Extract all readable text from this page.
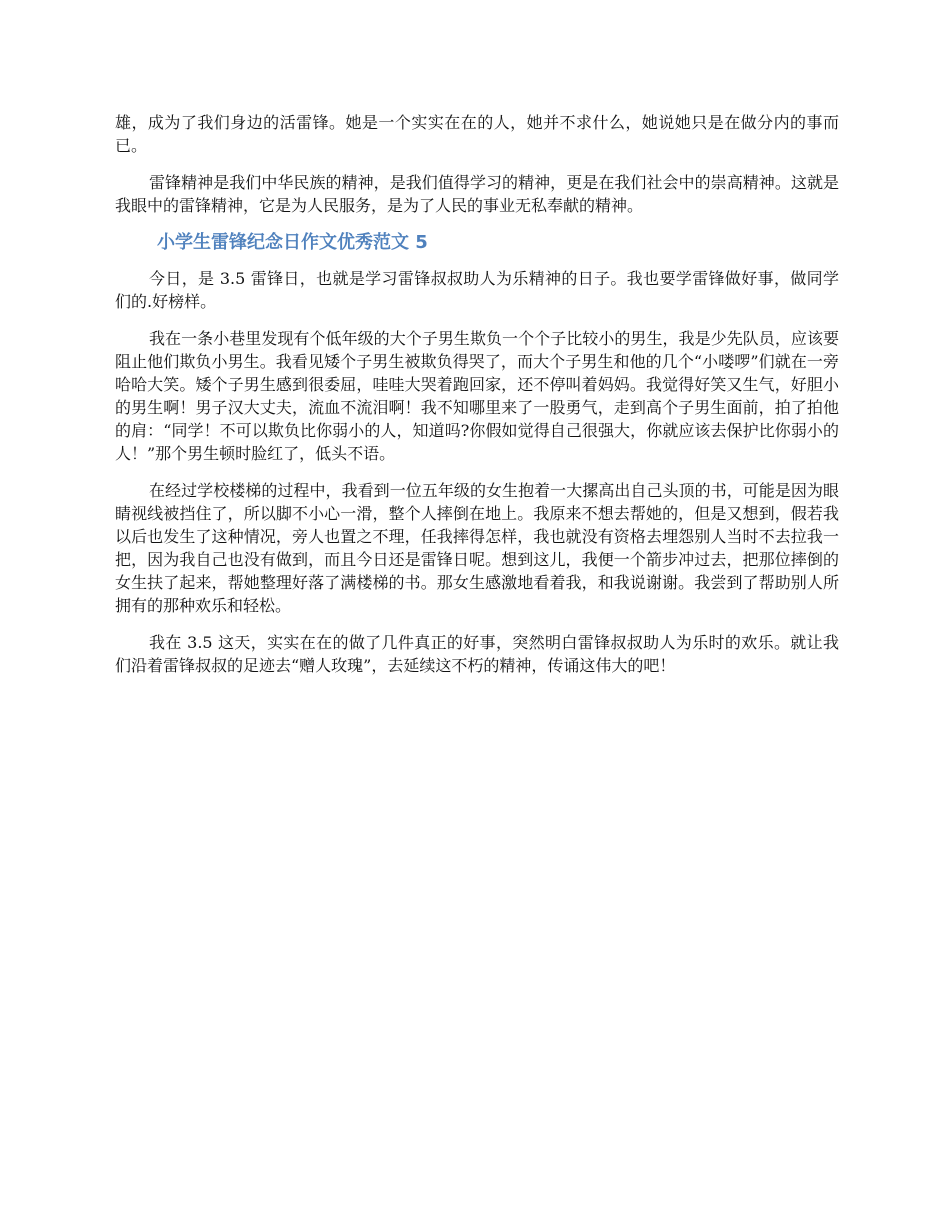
雄，成为了我们身边的活雷锋。她是一个实实在在的人，她并不求什么，她说她只是在做分内的事而已。

雷锋精神是我们中华民族的精神，是我们值得学习的精神，更是在我们社会中的崇高精神。这就是我眼中的雷锋精神，它是为人民服务，是为了人民的事业无私奉献的精神。

小学生雷锋纪念日作文优秀范文 5

今日，是 3.5 雷锋日，也就是学习雷锋叔叔助人为乐精神的日子。我也要学雷锋做好事，做同学们的.好榜样。

我在一条小巷里发现有个低年级的大个子男生欺负一个个子比较小的男生，我是少先队员，应该要阻止他们欺负小男生。我看见矮个子男生被欺负得哭了，而大个子男生和他的几个“小喽啰”们就在一旁哈哈大笑。矮个子男生感到很委屈，哇哇大哭着跑回家，还不停叫着妈妈。我觉得好笑又生气，好胆小的男生啊！男子汉大丈夫，流血不流泪啊！我不知哪里来了一股勇气，走到高个子男生面前，拍了拍他的肩：“同学！不可以欺负比你弱小的人，知道吗?你假如觉得自己很强大，你就应该去保护比你弱小的人！”那个男生顿时脸红了，低头不语。

在经过学校楼梯的过程中，我看到一位五年级的女生抱着一大摞高出自己头顶的书，可能是因为眼睛视线被挡住了，所以脚不小心一滑，整个人摔倒在地上。我原来不想去帮她的，但是又想到，假若我以后也发生了这种情况，旁人也置之不理，任我摔得怎样，我也就没有资格去埋怨别人当时不去拉我一把，因为我自己也没有做到，而且今日还是雷锋日呢。想到这儿，我便一个箭步冲过去，把那位摔倒的女生扶了起来，帮她整理好落了满楼梯的书。那女生感激地看着我，和我说谢谢。我尝到了帮助别人所拥有的那种欢乐和轻松。

我在 3.5 这天，实实在在的做了几件真正的好事，突然明白雷锋叔叔助人为乐时的欢乐。就让我们沿着雷锋叔叔的足迹去“赠人玫瑰”，去延续这不朽的精神，传诵这伟大的吧！
